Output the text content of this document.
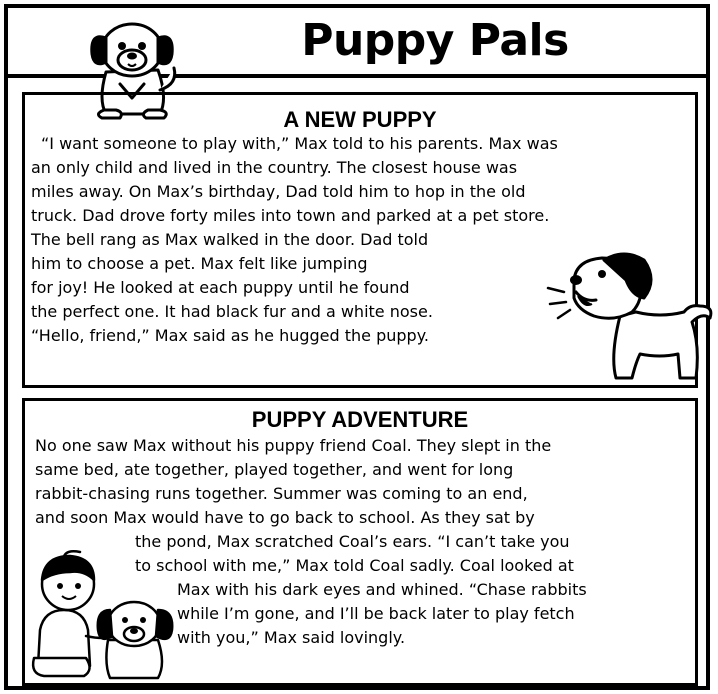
Puppy Pals
A NEW PUPPY
“I want someone to play with,” Max told to his parents. Max was
an only child and lived in the country. The closest house was
miles away. On Max’s birthday, Dad told him to hop in the old
truck. Dad drove forty miles into town and parked at a pet store.
The bell rang as Max walked in the door. Dad told
him to choose a pet. Max felt like jumping
for joy! He looked at each puppy until he found
the perfect one. It had black fur and a white nose.
“Hello, friend,” Max said as he hugged the puppy.
PUPPY ADVENTURE
No one saw Max without his puppy friend Coal. They slept in the
same bed, ate together, played together, and went for long
rabbit-chasing runs together. Summer was coming to an end,
and soon Max would have to go back to school. As they sat by
the pond, Max scratched Coal’s ears. “I can’t take you
to school with me,” Max told Coal sadly. Coal looked at
Max with his dark eyes and whined. “Chase rabbits
while I’m gone, and I’ll be back later to play fetch
with you,” Max said lovingly.
